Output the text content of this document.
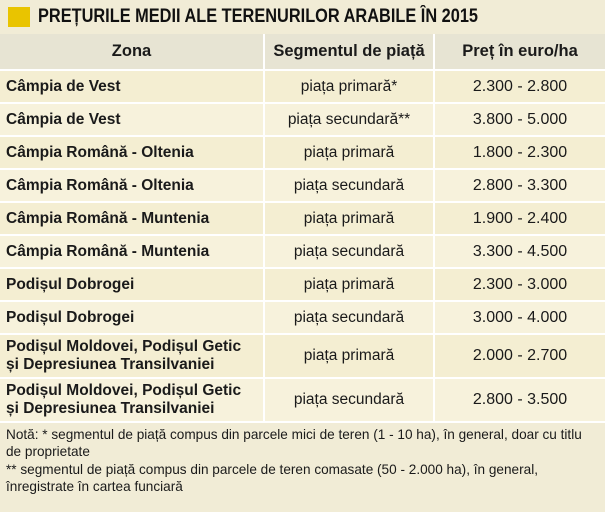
PREȚURILE MEDII ALE TERENURILOR ARABILE ÎN 2015
Zona	Segmentul de piață	Preț în euro/ha
Câmpia de Vest	piața primară*	2.300 - 2.800
Câmpia de Vest	piața secundară**	3.800 - 5.000
Câmpia Română - Oltenia	piața primară	1.800 - 2.300
Câmpia Română - Oltenia	piața secundară	2.800 - 3.300
Câmpia Română - Muntenia	piața primară	1.900 - 2.400
Câmpia Română - Muntenia	piața secundară	3.300 - 4.500
Podișul Dobrogei	piața primară	2.300 - 3.000
Podișul Dobrogei	piața secundară	3.000 - 4.000
Podișul Moldovei, Podișul Getic și Depresiunea Transilvaniei	piața primară	2.000 - 2.700
Podișul Moldovei, Podișul Getic și Depresiunea Transilvaniei	piața secundară	2.800 - 3.500

Notă: * segmentul de piață compus din parcele mici de teren (1 - 10 ha), în general, doar cu titlu de proprietate

** segmentul de piață compus din parcele de teren comasate (50 - 2.000 ha), în general, înregistrate în cartea funciară
